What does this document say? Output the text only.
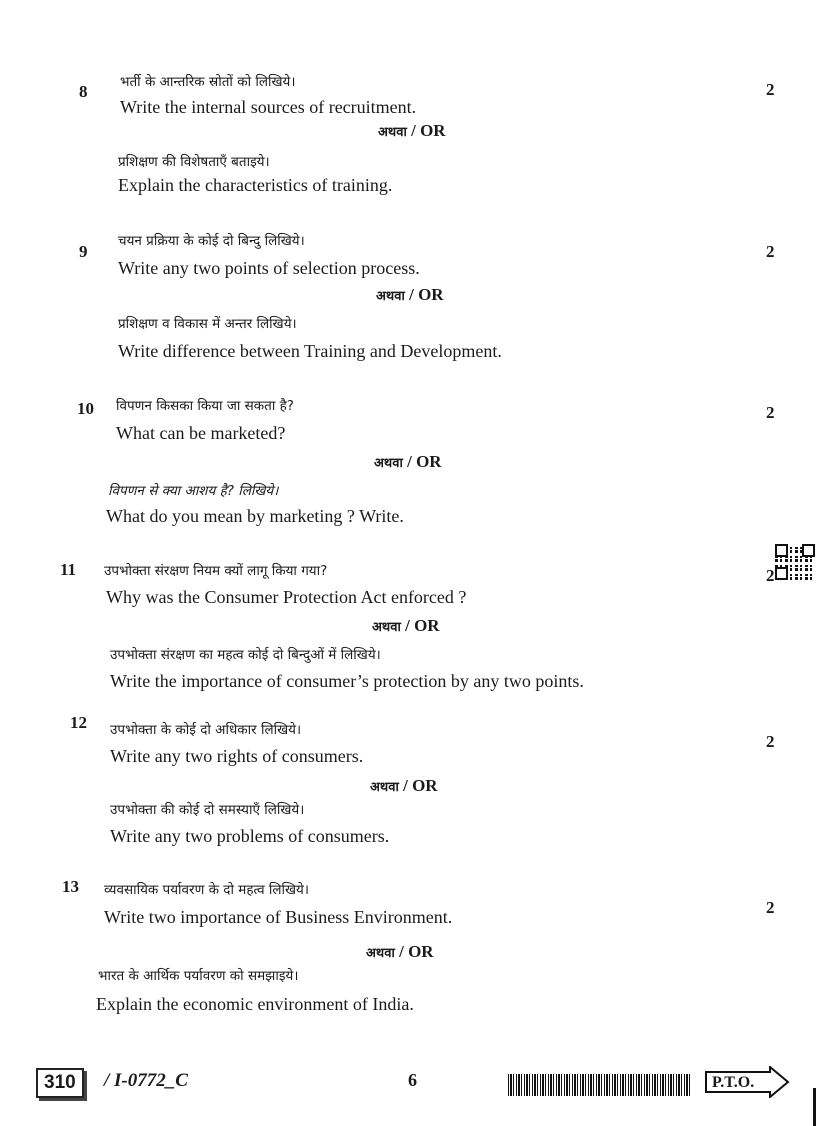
8 भर्ती के आन्तरिक स्रोतों को लिखिये।
Write the internal sources of recruitment.
अथवा / OR
प्रशिक्षण की विशेषताएँ बताइये।
Explain the characteristics of training.
2
9
चयन प्रक्रिया के कोई दो बिन्दु लिखिये।
Write any two points of selection process.
अथवा / OR
प्रशिक्षण व विकास में अन्तर लिखिये।
Write difference between Training and Development.
2
10 विपणन किसका किया जा सकता है?
What can be marketed?
अथवा / OR
विपणन से क्या आशय है? लिखिये।
What do you mean by marketing ? Write.
2
11 उपभोक्ता संरक्षण नियम क्यों लागू किया गया?
Why was the Consumer Protection Act enforced ?
अथवा / OR
उपभोक्ता संरक्षण का महत्व कोई दो बिन्दुओं में लिखिये।
Write the importance of consumer’s protection by any two points.
2
12 उपभोक्ता के कोई दो अधिकार लिखिये।
Write any two rights of consumers.
अथवा / OR
उपभोक्ता की कोई दो समस्याएँ लिखिये।
Write any two problems of consumers.
2
13 व्यवसायिक पर्यावरण के दो महत्व लिखिये।
Write two importance of Business Environment.
अथवा / OR
भारत के आर्थिक पर्यावरण को समझाइये।
Explain the economic environment of India.
2
310	/ I-0772_C	6	P.T.O.
